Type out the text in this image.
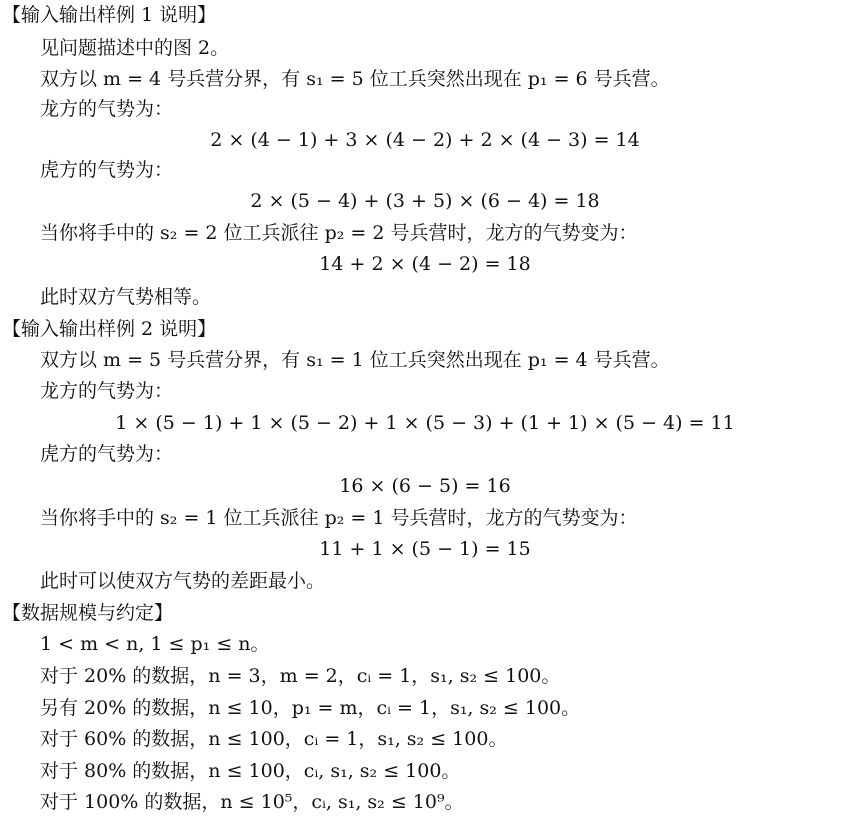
【输入输出样例 1 说明】
见问题描述中的图 2。
双方以 m = 4 号兵营分界，有 s₁ = 5 位工兵突然出现在 p₁ = 6 号兵营。
龙方的气势为：
2 × (4 − 1) + 3 × (4 − 2) + 2 × (4 − 3) = 14
虎方的气势为：
2 × (5 − 4) + (3 + 5) × (6 − 4) = 18
当你将手中的 s₂ = 2 位工兵派往 p₂ = 2 号兵营时，龙方的气势变为：
14 + 2 × (4 − 2) = 18
此时双方气势相等。
【输入输出样例 2 说明】
双方以 m = 5 号兵营分界，有 s₁ = 1 位工兵突然出现在 p₁ = 4 号兵营。
龙方的气势为：
1 × (5 − 1) + 1 × (5 − 2) + 1 × (5 − 3) + (1 + 1) × (5 − 4) = 11
虎方的气势为：
16 × (6 − 5) = 16
当你将手中的 s₂ = 1 位工兵派往 p₂ = 1 号兵营时，龙方的气势变为：
11 + 1 × (5 − 1) = 15
此时可以使双方气势的差距最小。
【数据规模与约定】
1 < m < n, 1 ≤ p₁ ≤ n。
对于 20% 的数据，n = 3，m = 2，cᵢ = 1，s₁, s₂ ≤ 100。
另有 20% 的数据，n ≤ 10，p₁ = m，cᵢ = 1，s₁, s₂ ≤ 100。
对于 60% 的数据，n ≤ 100，cᵢ = 1，s₁, s₂ ≤ 100。
对于 80% 的数据，n ≤ 100，cᵢ, s₁, s₂ ≤ 100。
对于 100% 的数据，n ≤ 10⁵，cᵢ, s₁, s₂ ≤ 10⁹。
